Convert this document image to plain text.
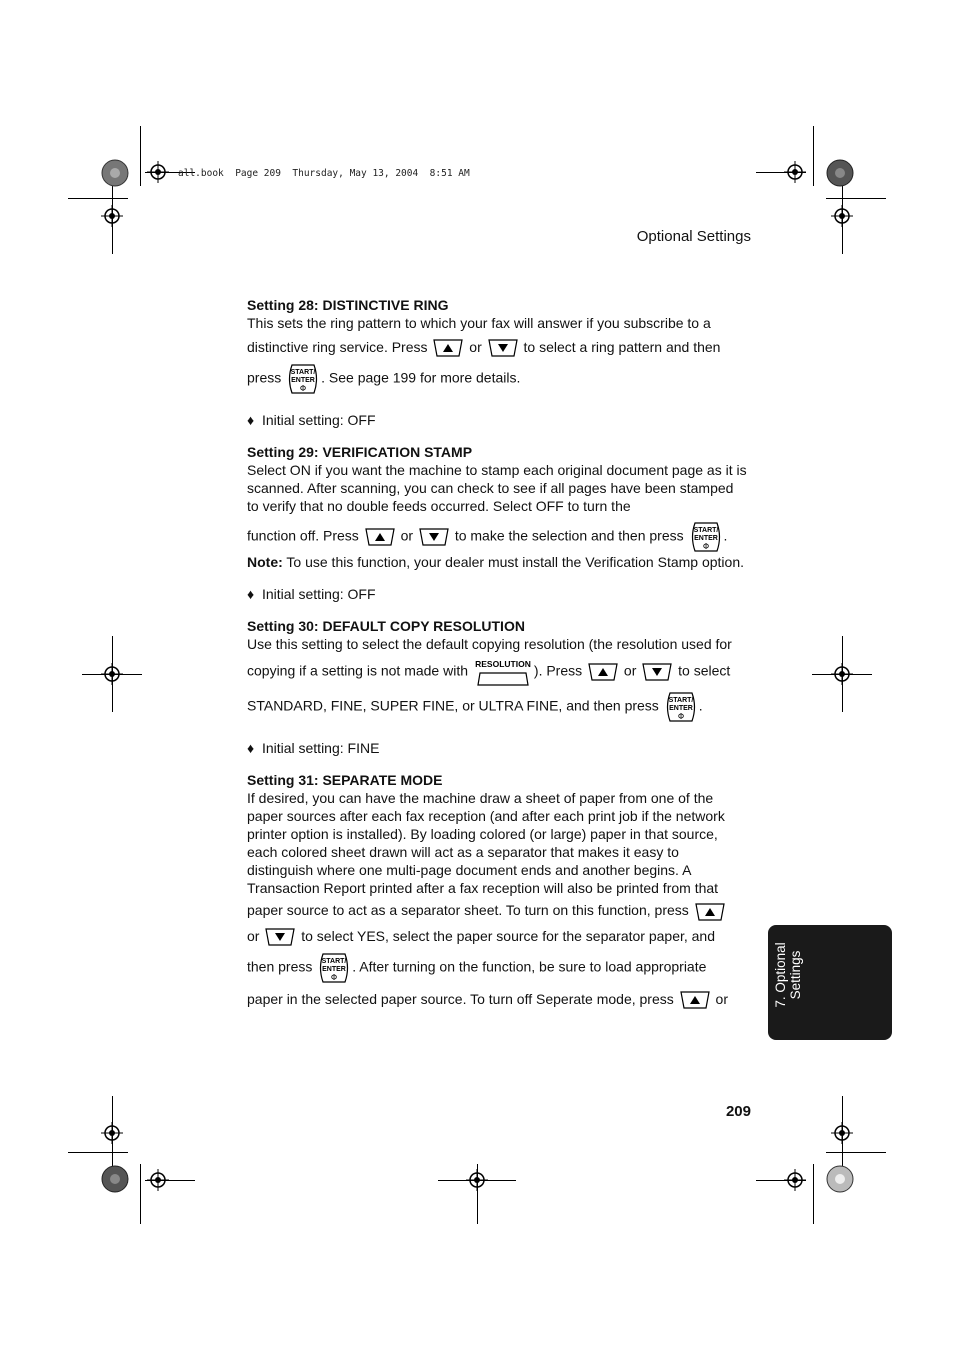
all.book  Page 209  Thursday, May 13, 2004  8:51 AM
Optional Settings
7. Optional Settings
209

Setting 28: DISTINCTIVE RING

This sets the ring pattern to which your fax will answer if you subscribe to a

distinctive ring service. Press  or  to select a ring pattern and then

press START/
ENTER
Φ
. See page 199 for more details.

♦ Initial setting: OFF

Setting 29: VERIFICATION STAMP

Select ON if you want the machine to stamp each original document page as it is scanned. After scanning, you can check to see if all pages have been stamped to verify that no double feeds occurred. Select OFF to turn the

function off. Press  or  to make the selection and then press START/
ENTER
Φ
.

Note: To use this function, your dealer must install the Verification Stamp option.

♦ Initial setting: OFF

Setting 30: DEFAULT COPY RESOLUTION

Use this setting to select the default copying resolution (the resolution used for

copying if a setting is not made with RESOLUTION ). Press  or  to select

STANDARD, FINE, SUPER FINE, or ULTRA FINE, and then press START/
ENTER
Φ
.

♦ Initial setting: FINE

Setting 31: SEPARATE MODE

If desired, you can have the machine draw a sheet of paper from one of the paper sources after each fax reception (and after each print job if the network printer option is installed). By loading colored (or large) paper in that source, each colored sheet drawn will act as a separator that makes it easy to distinguish where one multi-page document ends and another begins. A Transaction Report printed after a fax reception will also be printed from that

paper source to act as a separator sheet. To turn on this function, press

or  to select YES, select the paper source for the separator paper, and

then press START/
ENTER
Φ
. After turning on the function, be sure to load appropriate

paper in the selected paper source. To turn off Seperate mode, press  or
